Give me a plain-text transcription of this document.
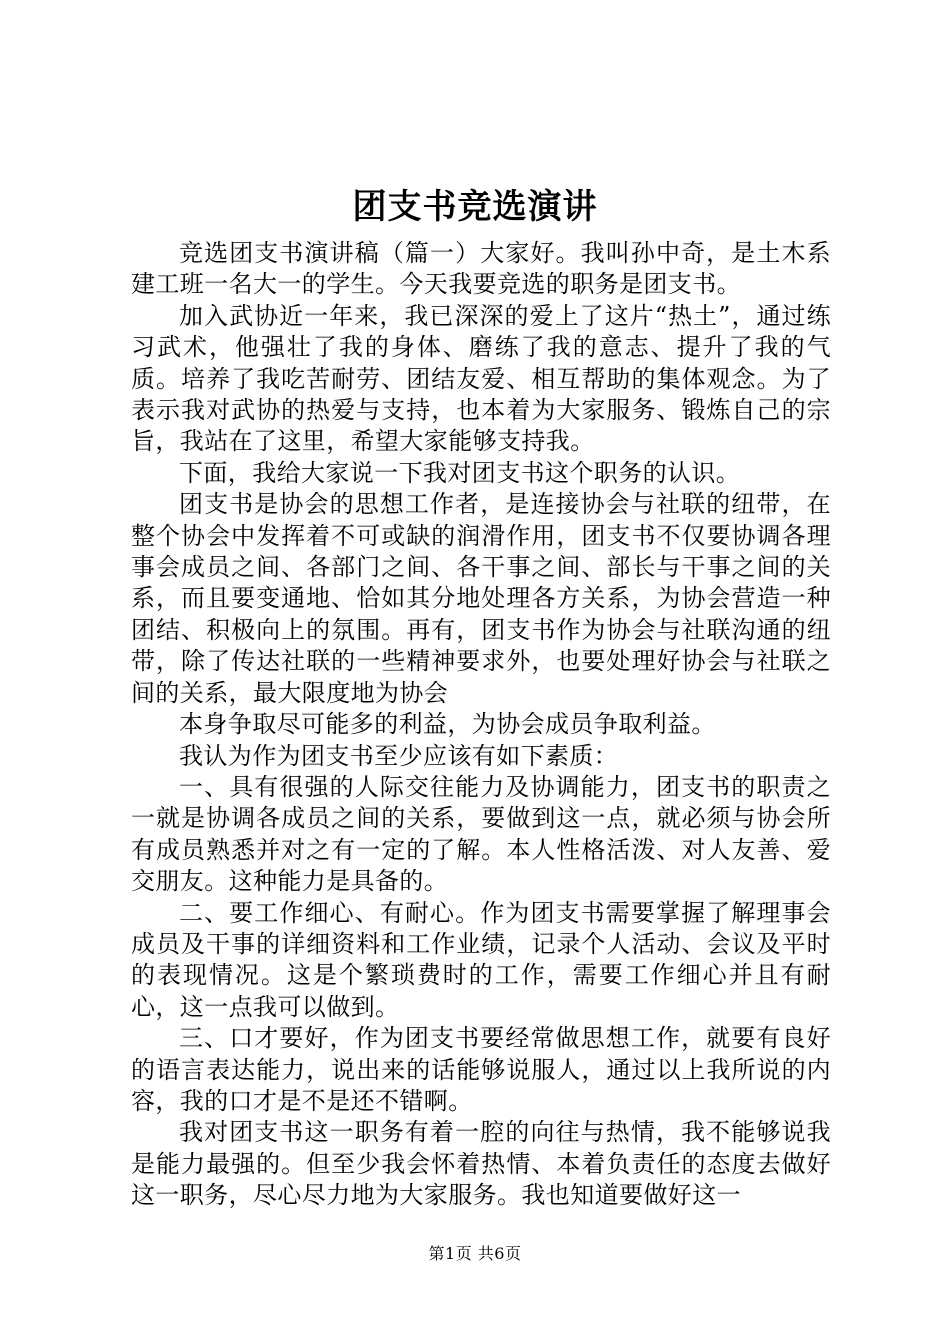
团支书竞选演讲

竞选团支书演讲稿（篇一）大家好。我叫孙中奇，是土木系建工班一名大一的学生。今天我要竞选的职务是团支书。

加入武协近一年来，我已深深的爱上了这片“热土”，通过练习武术，他强壮了我的身体、磨练了我的意志、提升了我的气质。培养了我吃苦耐劳、团结友爱、相互帮助的集体观念。为了表示我对武协的热爱与支持，也本着为大家服务、锻炼自己的宗旨，我站在了这里，希望大家能够支持我。

下面，我给大家说一下我对团支书这个职务的认识。

团支书是协会的思想工作者，是连接协会与社联的纽带，在整个协会中发挥着不可或缺的润滑作用，团支书不仅要协调各理事会成员之间、各部门之间、各干事之间、部长与干事之间的关系，而且要变通地、恰如其分地处理各方关系，为协会营造一种团结、积极向上的氛围。再有，团支书作为协会与社联沟通的纽带，除了传达社联的一些精神要求外，也要处理好协会与社联之间的关系，最大限度地为协会

本身争取尽可能多的利益，为协会成员争取利益。

我认为作为团支书至少应该有如下素质：

一、具有很强的人际交往能力及协调能力，团支书的职责之一就是协调各成员之间的关系，要做到这一点，就必须与协会所有成员熟悉并对之有一定的了解。本人性格活泼、对人友善、爱交朋友。这种能力是具备的。

二、要工作细心、有耐心。作为团支书需要掌握了解理事会成员及干事的详细资料和工作业绩，记录个人活动、会议及平时的表现情况。这是个繁琐费时的工作，需要工作细心并且有耐心，这一点我可以做到。

三、口才要好，作为团支书要经常做思想工作，就要有良好的语言表达能力，说出来的话能够说服人，通过以上我所说的内容，我的口才是不是还不错啊。

我对团支书这一职务有着一腔的向往与热情，我不能够说我是能力最强的。但至少我会怀着热情、本着负责任的态度去做好这一职务，尽心尽力地为大家服务。我也知道要做好这一

第1页 共6页
